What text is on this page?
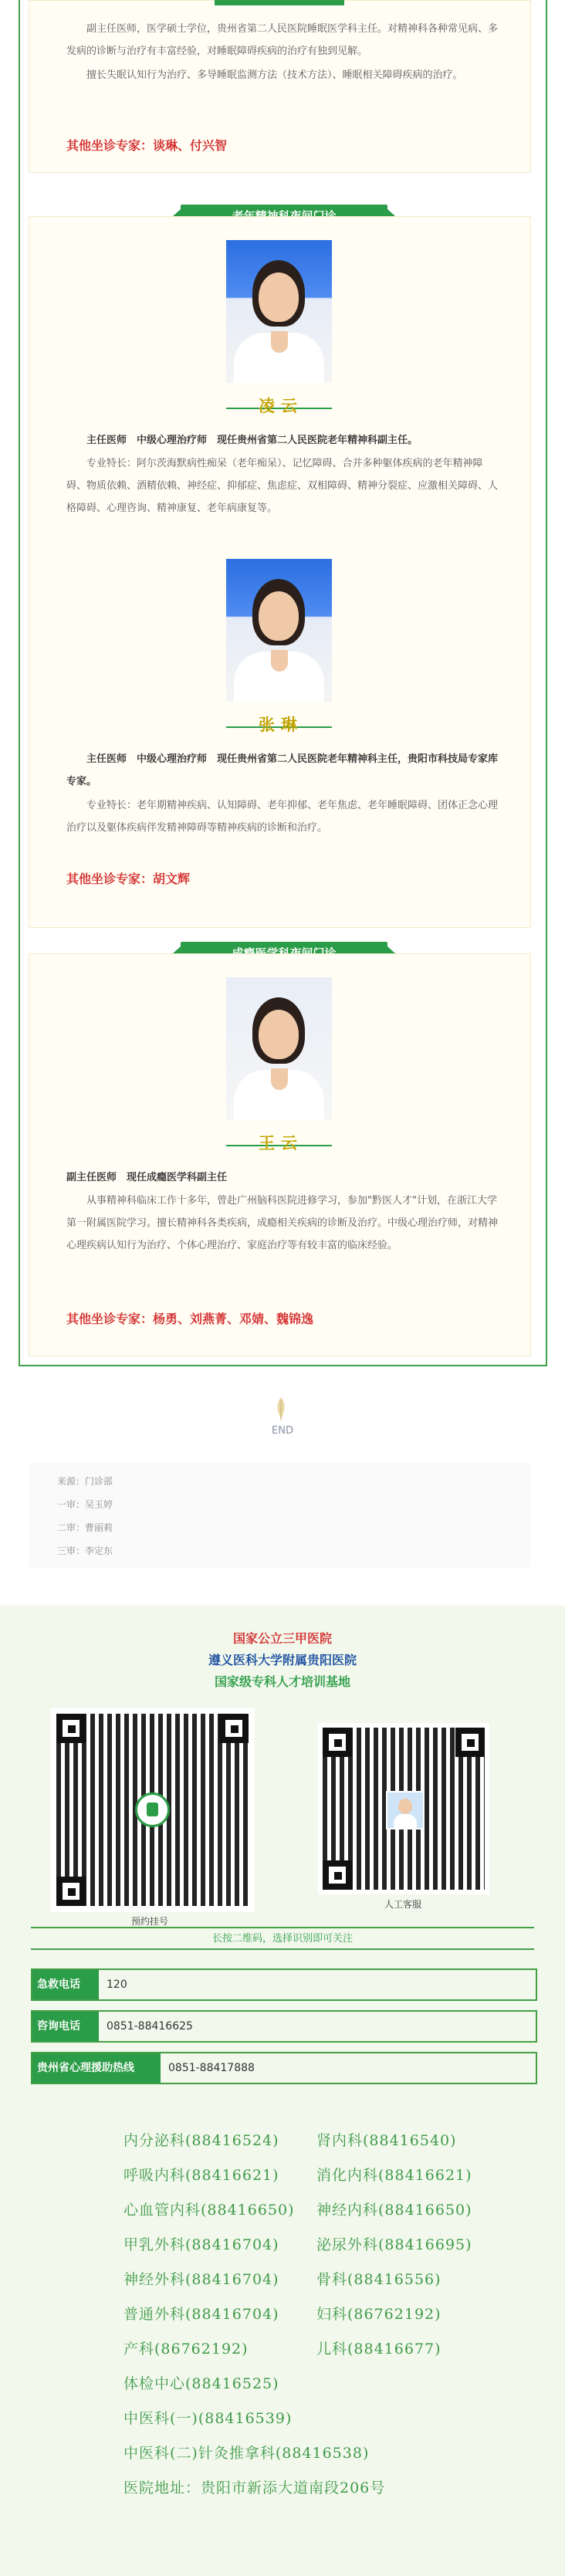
副主任医师，医学硕士学位，贵州省第二人民医院睡眠医学科主任。对精神科各种常见病、多发病的诊断与治疗有丰富经验，对睡眠障碍疾病的治疗有独到见解。
擅长失眠认知行为治疗、多导睡眠监测方法（技术方法）、睡眠相关障碍疾病的治疗。
其他坐诊专家：谈琳、付兴智
凌云
主任医师　中级心理治疗师　现任贵州省第二人民医院老年精神科副主任。
专业特长：阿尔茨海默病性痴呆（老年痴呆）、记忆障碍、合并多种躯体疾病的老年精神障碍、物质依赖、酒精依赖、神经症、抑郁症、焦虑症、双相障碍、精神分裂症、应激相关障碍、人格障碍、心理咨询、精神康复、老年病康复等。
张琳
主任医师　中级心理治疗师　现任贵州省第二人民医院老年精神科主任，贵阳市科技局专家库专家。
专业特长：老年期精神疾病、认知障碍、老年抑郁、老年焦虑、老年睡眠障碍、团体正念心理治疗以及躯体疾病伴发精神障碍等精神疾病的诊断和治疗。
其他坐诊专家：胡文辉
王云
副主任医师　现任成瘾医学科副主任
从事精神科临床工作十多年，曾赴广州脑科医院进修学习，参加"黔医人才"计划，在浙江大学第一附属医院学习。擅长精神科各类疾病，成瘾相关疾病的诊断及治疗。中级心理治疗师，对精神心理疾病认知行为治疗、个体心理治疗、家庭治疗等有较丰富的临床经验。
其他坐诊专家：杨勇、刘燕菁、邓婧、魏锦逸
END
来源：门诊部
一审：吴玉婷
二审：曹丽莉
三审：李定东
国家公立三甲医院
遵义医科大学附属贵阳医院
国家级专科人才培训基地
预约挂号
人工客服
长按二维码，选择识别即可关注
急救电话	120
咨询电话	0851-88416625
贵州省心理援助热线	0851-88417888
内分泌科(88416524)	肾内科(88416540)
呼吸内科(88416621)	消化内科(88416621)
心血管内科(88416650) 神经内科(88416650)
甲乳外科(88416704)	泌尿外科(88416695)
神经外科(88416704)	骨科(88416556)
普通外科(88416704)	妇科(86762192)
产科(86762192)	儿科(88416677)
体检中心(88416525)
中医科(一)(88416539)
中医科(二)针灸推拿科(88416538)
医院地址：贵阳市新添大道南段206号
